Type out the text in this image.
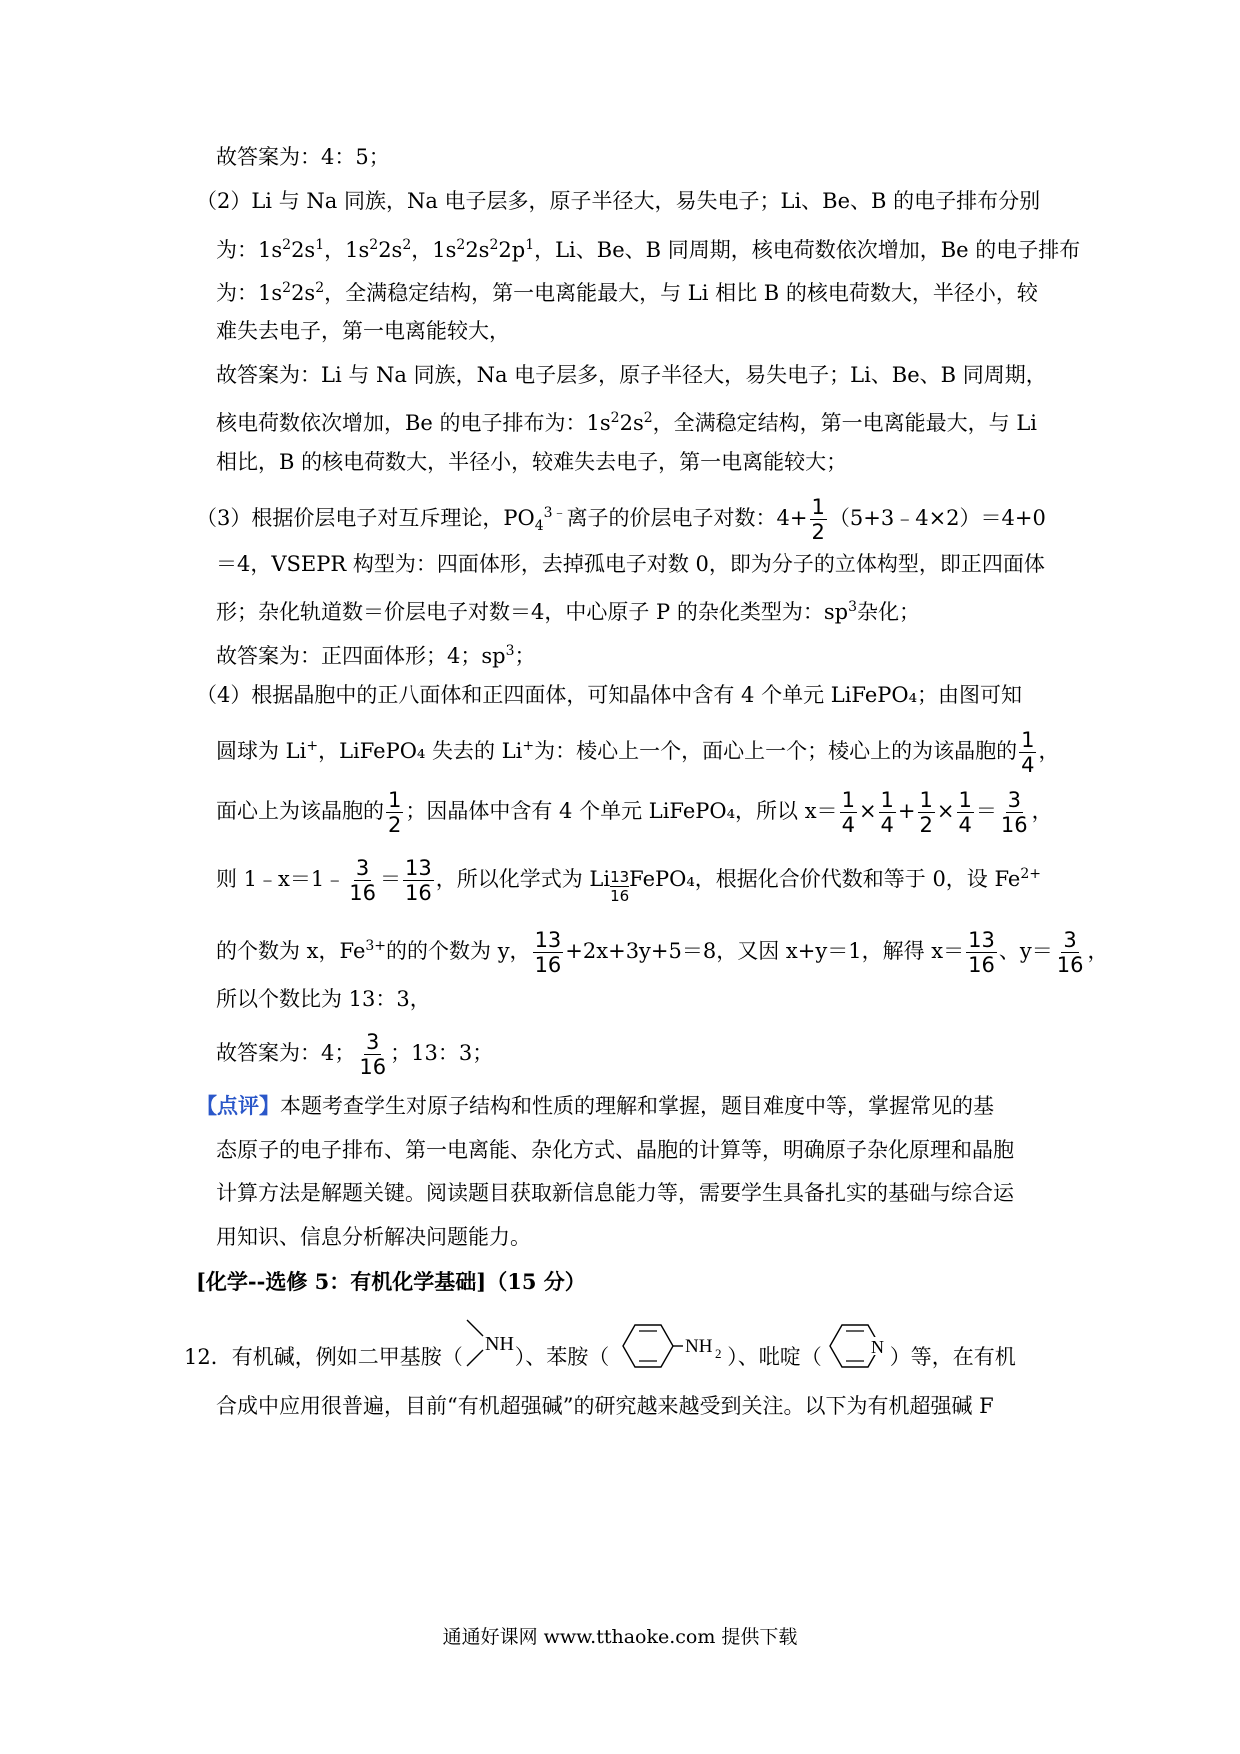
故答案为：4：5；
（2）Li 与 Na 同族，Na 电子层多，原子半径大，易失电子；Li、Be、B 的电子排布分别
为：$1s^22s^1$，$1s^22s^2$，$1s^22s^22p^1$，Li、Be、B 同周期，核电荷数依次增加，Be 的电子排布
为：$1s^22s^2$，全满稳定结构，第一电离能最大，与 Li 相比 B 的核电荷数大，半径小，较
难失去电子，第一电离能较大，
故答案为：Li 与 Na 同族，Na 电子层多，原子半径大，易失电子；Li、Be、B 同周期，
核电荷数依次增加，Be 的电子排布为：$1s^22s^2$，全满稳定结构，第一电离能最大，与 Li
相比，B 的核电荷数大，半径小，较难失去电子，第一电离能较大；
（3）根据价层电子对互斥理论，$PO_4^{3﹣}$离子的价层电子对数：$4+ \frac{1}{2}$ （5+3﹣4×2）＝4+0
＝4，VSEPR 构型为：四面体形，去掉孤电子对数 0，即为分子的立体构型，即正四面体
形；杂化轨道数＝价层电子对数＝4，中心原子 P 的杂化类型为：$sp^3$杂化；
故答案为：正四面体形；4；$sp^3$；
（4）根据晶胞中的正八面体和正四面体，可知晶体中含有 4 个单元 LiFePO₄；由图可知
圆球为 Li+，LiFePO₄ 失去的 Li+为：棱心上一个，面心上一个；棱心上的为该晶胞的 $\frac{1}{4}$ ，
面心上为该晶胞的 $\frac{1}{2}$ ；因晶体中含有 4 个单元 LiFePO₄，所以 $x= \frac{1}{4} \times \frac{1}{4} + \frac{1}{2} \times \frac{1}{4} = \frac{3}{16}$ ，
则 1﹣x＝1﹣ $\frac{3}{16} = \frac{13}{16}$ ，所以化学式为 Li $\frac{13}{16}$ FePO₄，根据化合价代数和等于 0，设 $Fe^{2+}$
的个数为 x，$Fe^{3+}$的的个数为 y， $\frac{13}{16} +2x+3y+5=8$，又因 x+y＝1，解得 $x= \frac{13}{16}$ 、$y= \frac{3}{16}$ ，
所以个数比为 13：3，
故答案为：4； $\frac{3}{16}$ ；13：3；
【点评】本题考查学生对原子结构和性质的理解和掌握，题目难度中等，掌握常见的基
态原子的电子排布、第一电离能、杂化方式、晶胞的计算等，明确原子杂化原理和晶胞
计算方法是解题关键。阅读题目获取新信息能力等，需要学生具备扎实的基础与综合运
用知识、信息分析解决问题能力。
[化学--选修 5：有机化学基础]（15 分）
12．有机碱，例如二甲基胺（
NH
）、苯胺（	NH 2 ）、吡啶（	N ）等，在有机
合成中应用很普遍，目前“有机超强碱”的研究越来越受到关注。以下为有机超强碱 F
通通好课网 www.tthaoke.com 提供下载
